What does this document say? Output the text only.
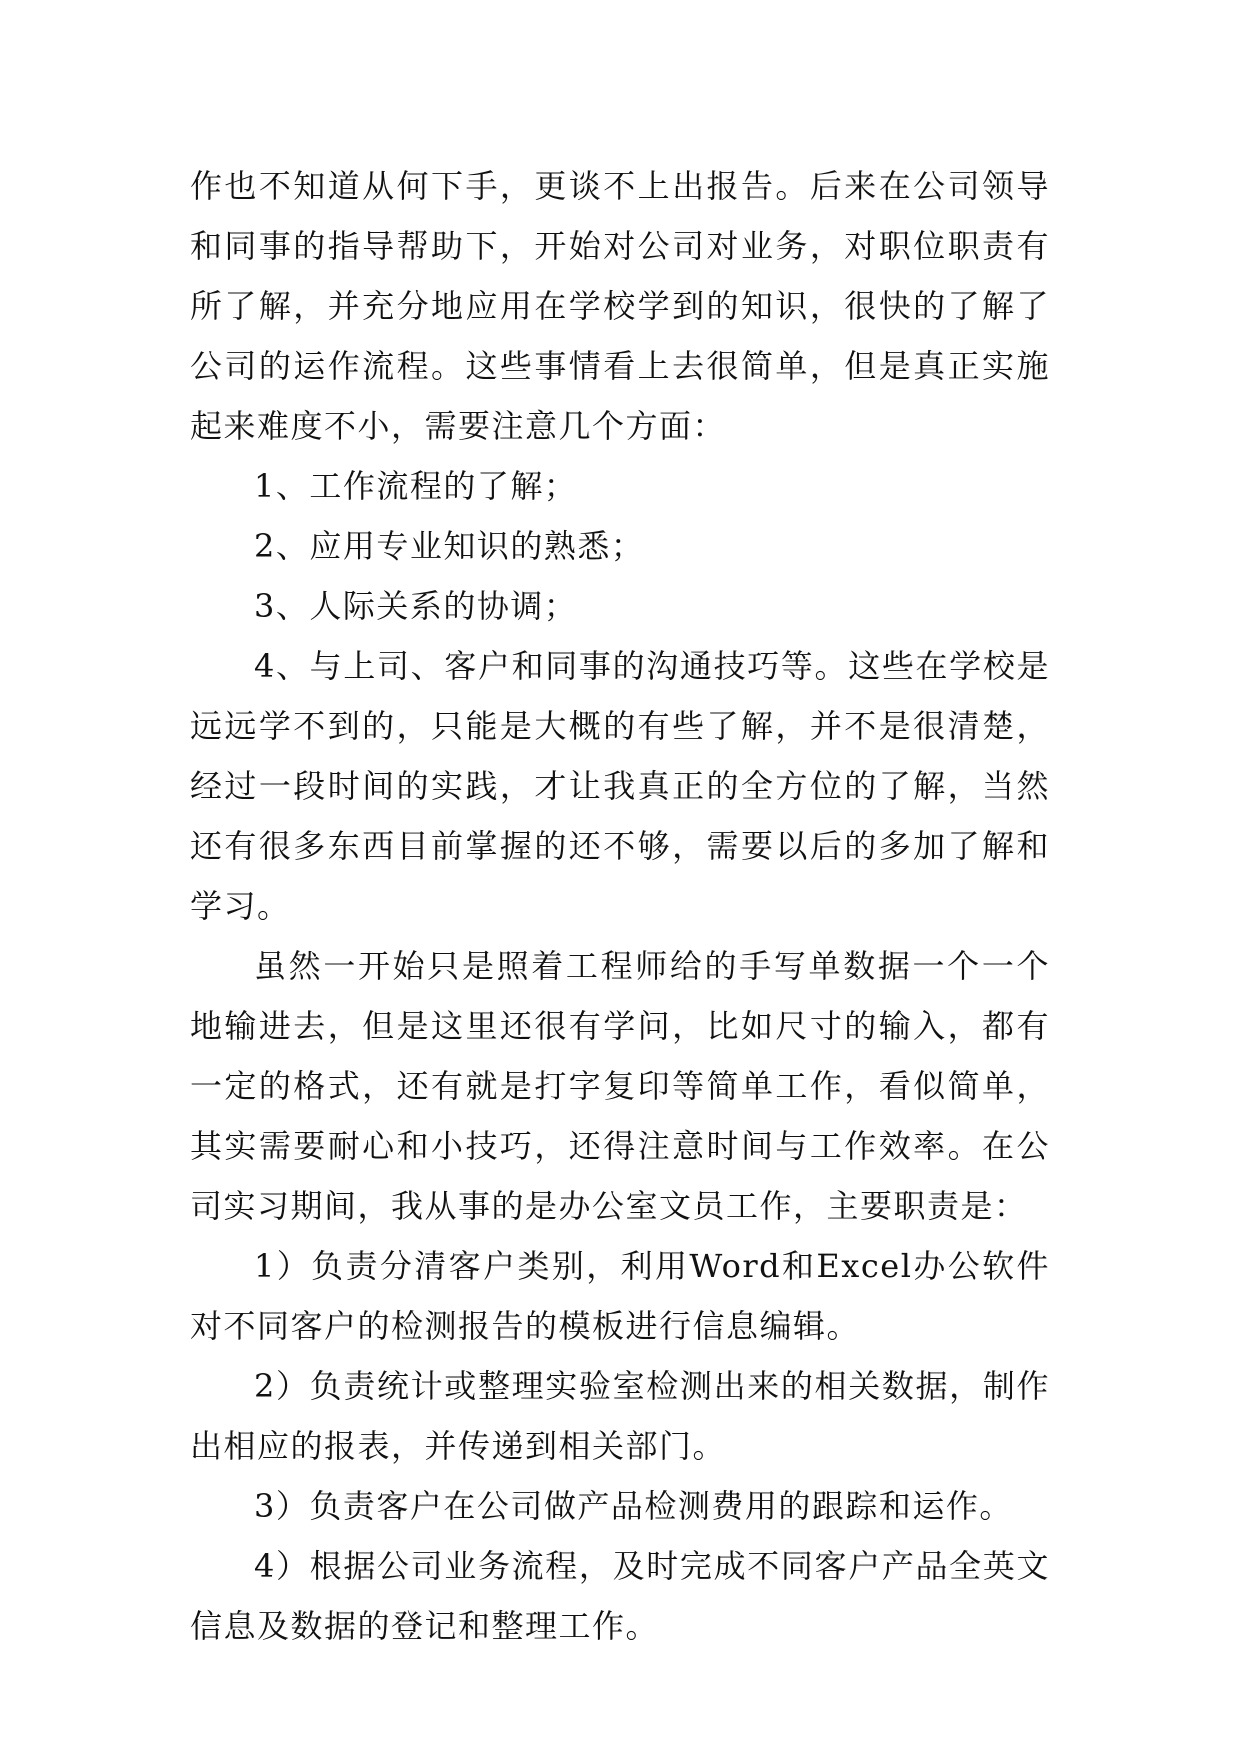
作也不知道从何下手，更谈不上出报告。后来在公司领导和同事的指导帮助下，开始对公司对业务，对职位职责有所了解，并充分地应用在学校学到的知识，很快的了解了公司的运作流程。这些事情看上去很简单，但是真正实施起来难度不小，需要注意几个方面：

1、工作流程的了解；

2、应用专业知识的熟悉；

3、人际关系的协调；

4、与上司、客户和同事的沟通技巧等。这些在学校是远远学不到的，只能是大概的有些了解，并不是很清楚，经过一段时间的实践，才让我真正的全方位的了解，当然还有很多东西目前掌握的还不够，需要以后的多加了解和学习。

虽然一开始只是照着工程师给的手写单数据一个一个地输进去，但是这里还很有学问，比如尺寸的输入，都有一定的格式，还有就是打字复印等简单工作，看似简单，其实需要耐心和小技巧，还得注意时间与工作效率。在公司实习期间，我从事的是办公室文员工作，主要职责是：

1）负责分清客户类别，利用Word和Excel办公软件对不同客户的检测报告的模板进行信息编辑。

2）负责统计或整理实验室检测出来的相关数据，制作出相应的报表，并传递到相关部门。

3）负责客户在公司做产品检测费用的跟踪和运作。

4）根据公司业务流程，及时完成不同客户产品全英文信息及数据的登记和整理工作。
